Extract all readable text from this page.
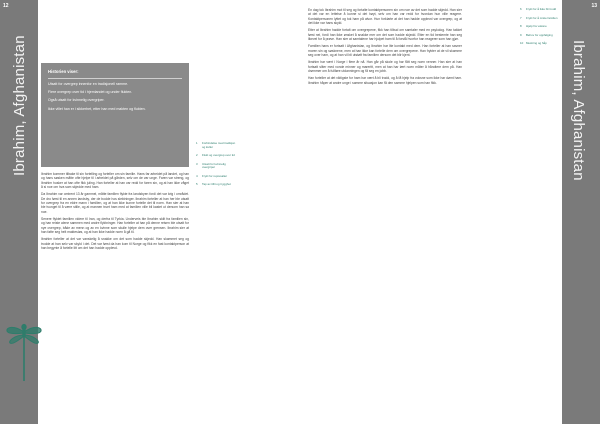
12
Ibrahim, Afghanistan	Historien viser:
Utsatt for overgrep innenfor en tradisjonell ramme.
Flere overgrep over tid i hjemlandet og under flukten.
Også utsatt for kvinnelig overgriper.
Ikke villet han er i sikkerhet, etter han med makten og flukten.

Ibrahim kommer tilbake til sin fortelling og forteller om sin familie. Hans far arbeidet på landet, og han og hans søsken måtte ofte hjelpe til i arbeidet på gården, selv om de var unge. Faren var streng, og Ibrahim husker at han ofte fikk juling. Han forteller at han var redd for faren sin, og at han ikke våget å si noe om hva som skjedde med ham.

Da Ibrahim var omtrent 13 år gammel, måtte familien flykte fra landsbyen fordi det var krig i området. De dro først til en annen landsby, der de bodde hos slektninger. Ibrahim forteller at han her ble utsatt for overgrep fra en eldre mann i familien, og at han ikke kunne fortelle det til noen. Han sier at han ble tvunget til å være stille, og at mannen truet ham med at familien ville bli kastet ut dersom han sa noe.

Senere flyktet familien videre til Iran, og derfra til Tyrkia. Underveis ble Ibrahim skilt fra familien sin, og han reiste alene sammen med andre flyktninger. Han forteller at han på denne reisen ble utsatt for nye overgrep, både av menn og av en kvinne som skulle hjelpe dem over grensen. Ibrahim sier at han følte seg helt maktesløs, og at han ikke hadde noen å gå til.

Ibrahim forteller at det var vanskelig å snakke om det som hadde skjedd. Han skammet seg og trodde at han selv var skyld i det. Det var først da han kom til Norge og fikk en fast kontaktperson at han begynte å fortelle litt om det han hadde opplevd.

1	Forbindelse med tradisjon og kultur
2	Flukt og overgrep over tid
3	Utsatt for kvinnelig overgriper
4	Frykt for represalier
5	Tap av tillit og trygghet
13
Ibrahim, Afghanistan

En dag tok Ibrahim mot til seg og fortalte kontaktpersonen sin om noe av det som hadde skjedd. Han sier at det var en lettelse å kunne si det høyt, selv om han var redd for hvordan hun ville reagere. Kontaktpersonen lyttet og tok ham på alvor. Hun forklarte at det han hadde opplevd var overgrep, og at det ikke var hans skyld.

Etter at Ibrahim hadde fortalt om overgrepene, fikk han tilbud om samtaler med en psykolog. Han takket først nei, fordi han ikke ønsket å snakke mer om det som hadde skjedd. Etter en tid bestemte han seg likevel for å prøve. Han sier at samtalene har hjulpet ham til å forstå hvorfor han reagerer som han gjør.

Familien hans er fortsatt i Afghanistan, og Ibrahim har lite kontakt med dem. Han forteller at han savner moren sin og søsknene, men at han ikke kan fortelle dem om overgrepene. Han frykter at de vil skamme seg over ham, og at han vil bli utstøtt fra familien dersom det blir kjent.

Ibrahim har vært i Norge i flere år nå. Han går på skole og har fått seg noen venner. Han sier at han fortsatt sliter med vonde minner og mareritt, men at han har lært noen måter å håndtere dem på. Han drømmer om å fullføre utdanningen og få seg en jobb.

Han forteller at det viktigste for ham har vært å bli trodd, og å få hjelp fra voksne som ikke har dømt ham. Ibrahim håper at andre unge i samme situasjon kan få den samme hjelpen som han fikk.

6	Frykt for å ikke bli trodd
7	Frykt for å miste familien
8	Hjelp fra voksne
9	Behov for oppfølging
10 Mestring og håp
